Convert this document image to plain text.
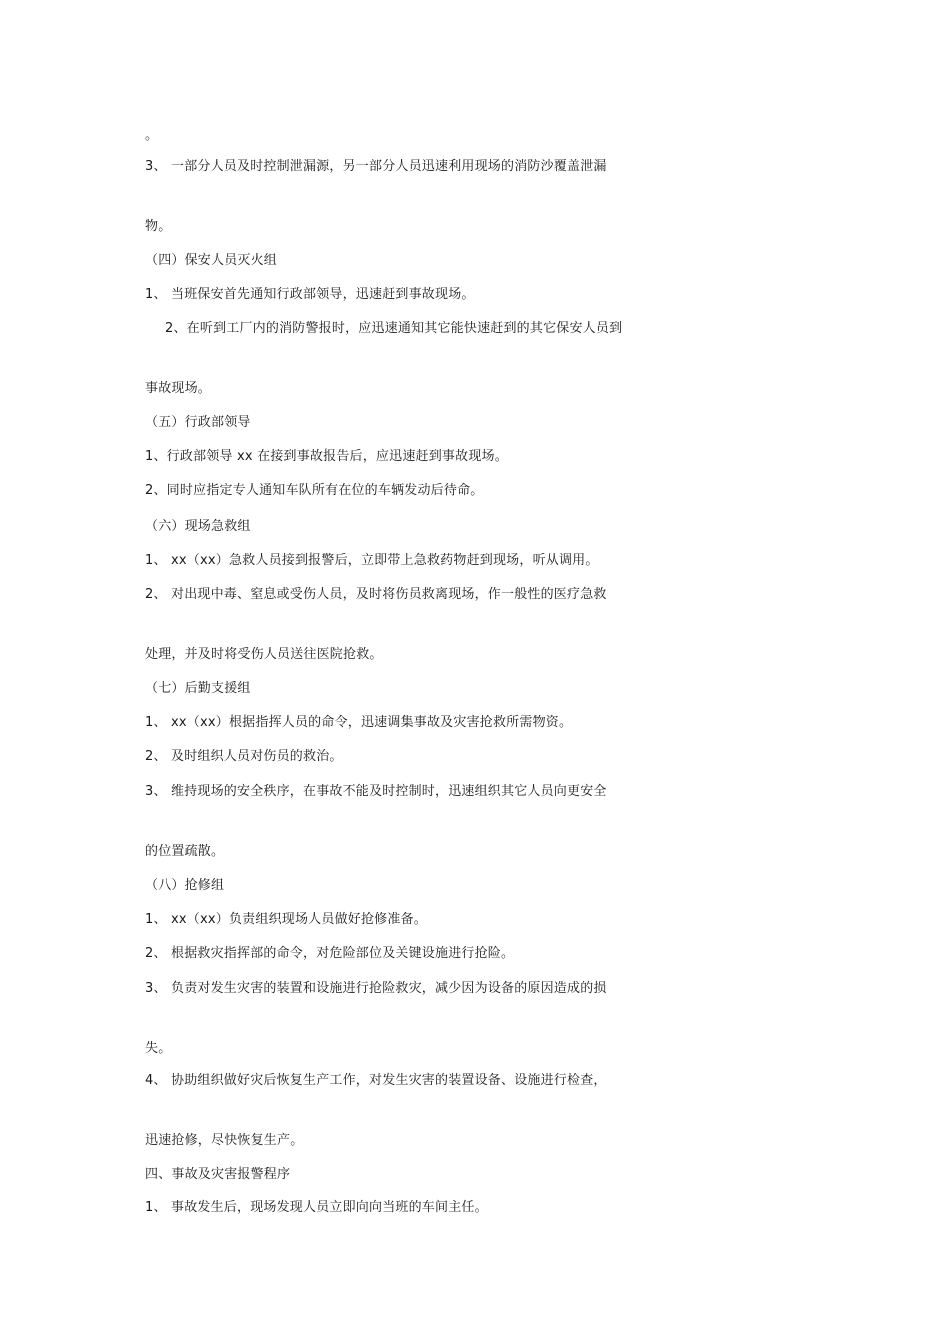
。
3、 一部分人员及时控制泄漏源，另一部分人员迅速利用现场的消防沙覆盖泄漏
物。
（四）保安人员灭火组
1、 当班保安首先通知行政部领导，迅速赶到事故现场。
2、在听到工厂内的消防警报时，应迅速通知其它能快速赶到的其它保安人员到
事故现场。
（五）行政部领导
1、行政部领导 xx 在接到事故报告后，应迅速赶到事故现场。
2、同时应指定专人通知车队所有在位的车辆发动后待命。
（六）现场急救组
1、 xx（xx）急救人员接到报警后，立即带上急救药物赶到现场，听从调用。
2、 对出现中毒、窒息或受伤人员，及时将伤员救离现场，作一般性的医疗急救
处理，并及时将受伤人员送往医院抢救。
（七）后勤支援组
1、 xx（xx）根据指挥人员的命令，迅速调集事故及灾害抢救所需物资。
2、 及时组织人员对伤员的救治。
3、 维持现场的安全秩序，在事故不能及时控制时，迅速组织其它人员向更安全
的位置疏散。
（八）抢修组
1、 xx（xx）负责组织现场人员做好抢修准备。
2、 根据救灾指挥部的命令，对危险部位及关键设施进行抢险。
3、 负责对发生灾害的装置和设施进行抢险救灾，减少因为设备的原因造成的损
失。
4、 协助组织做好灾后恢复生产工作，对发生灾害的装置设备、设施进行检查，
迅速抢修，尽快恢复生产。
四、事故及灾害报警程序
1、 事故发生后，现场发现人员立即向向当班的车间主任。
